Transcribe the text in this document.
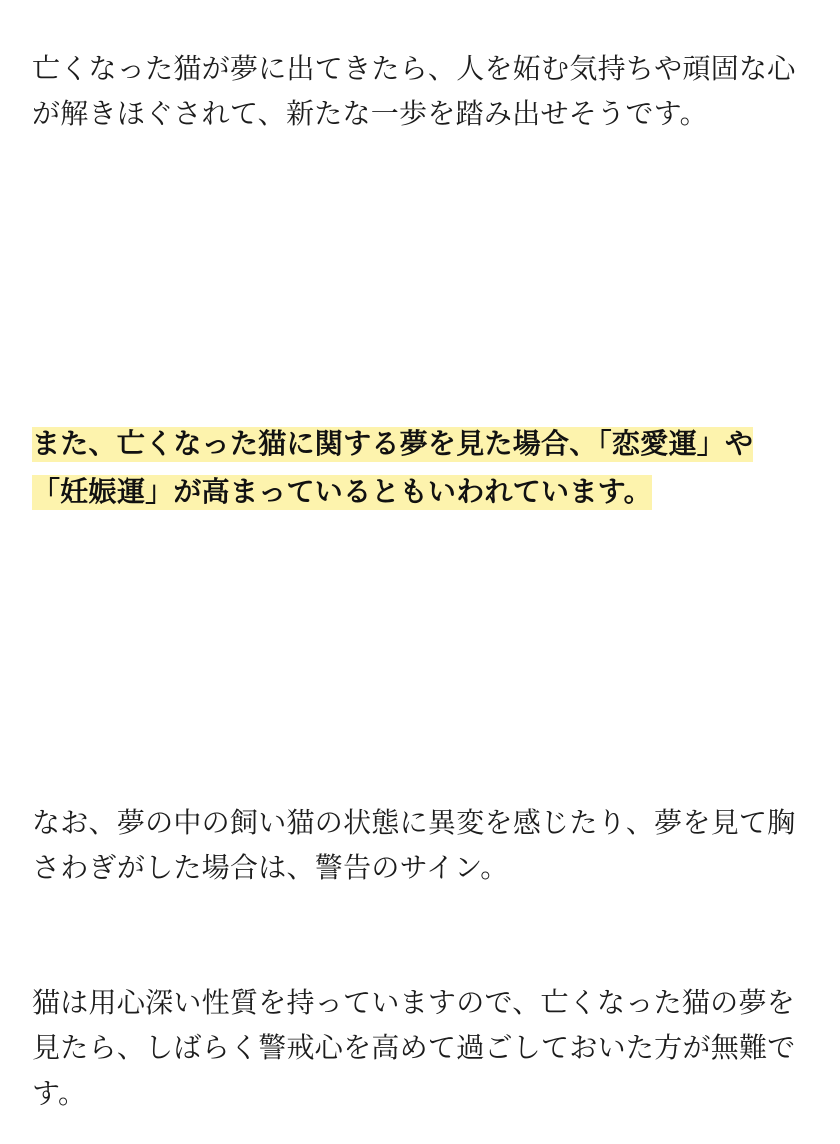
亡くなった猫が夢に出てきたら、人を妬む気持ちや頑固な心が解きほぐされて、新たな一歩を踏み出せそうです。

また、亡くなった猫に関する夢を見た場合、「恋愛運」や「妊娠運」が高まっているともいわれています。

なお、夢の中の飼い猫の状態に異変を感じたり、夢を見て胸さわぎがした場合は、警告のサイン。

猫は用心深い性質を持っていますので、亡くなった猫の夢を見たら、しばらく警戒心を高めて過ごしておいた方が無難です。
